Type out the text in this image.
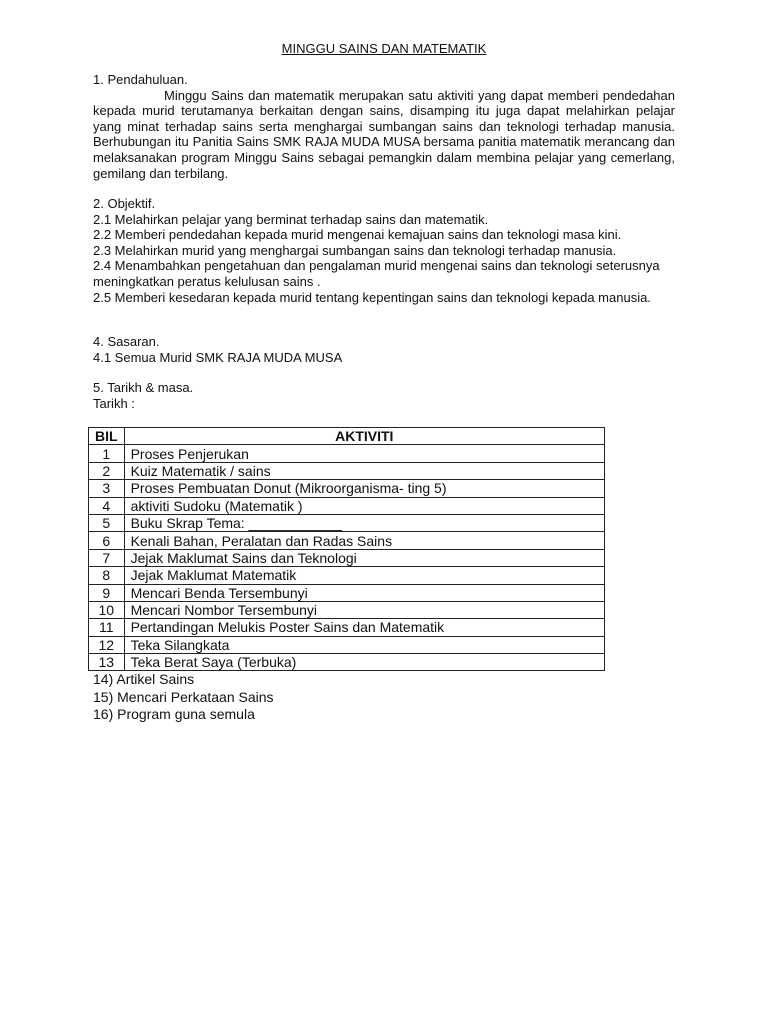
MINGGU SAINS DAN MATEMATIK

1. Pendahuluan.

Minggu Sains dan matematik merupakan satu aktiviti yang dapat memberi pendedahan kepada murid terutamanya berkaitan dengan sains, disamping itu juga dapat melahirkan pelajar yang minat terhadap sains serta menghargai sumbangan sains dan teknologi terhadap manusia. Berhubungan itu Panitia Sains SMK RAJA MUDA MUSA bersama panitia matematik merancang dan melaksanakan program Minggu Sains sebagai pemangkin dalam membina pelajar yang cemerlang, gemilang dan terbilang.

2. Objektif.

2.1 Melahirkan pelajar yang berminat terhadap sains dan matematik.

2.2 Memberi pendedahan kepada murid mengenai kemajuan sains dan teknologi masa kini.

2.3 Melahirkan murid yang menghargai sumbangan sains dan teknologi terhadap manusia.

2.4 Menambahkan pengetahuan dan pengalaman murid mengenai sains dan teknologi seterusnya meningkatkan peratus kelulusan sains .

2.5 Memberi kesedaran kepada murid tentang kepentingan sains dan teknologi kepada manusia.

4. Sasaran.

4.1 Semua Murid SMK RAJA MUDA MUSA

5. Tarikh & masa.

Tarikh :

BIL	AKTIVITI
1	Proses Penjerukan
2	Kuiz Matematik / sains
3	Proses Pembuatan Donut (Mikroorganisma- ting 5)
4	aktiviti Sudoku (Matematik )
5	Buku Skrap Tema: ____________
6	Kenali Bahan, Peralatan dan Radas Sains
7	Jejak Maklumat Sains dan Teknologi
8	Jejak Maklumat Matematik
9	Mencari Benda Tersembunyi
10	Mencari Nombor Tersembunyi
11	Pertandingan Melukis Poster Sains dan Matematik
12	Teka Silangkata
13	Teka Berat Saya (Terbuka)

14) Artikel Sains

15) Mencari Perkataan Sains

16) Program guna semula
